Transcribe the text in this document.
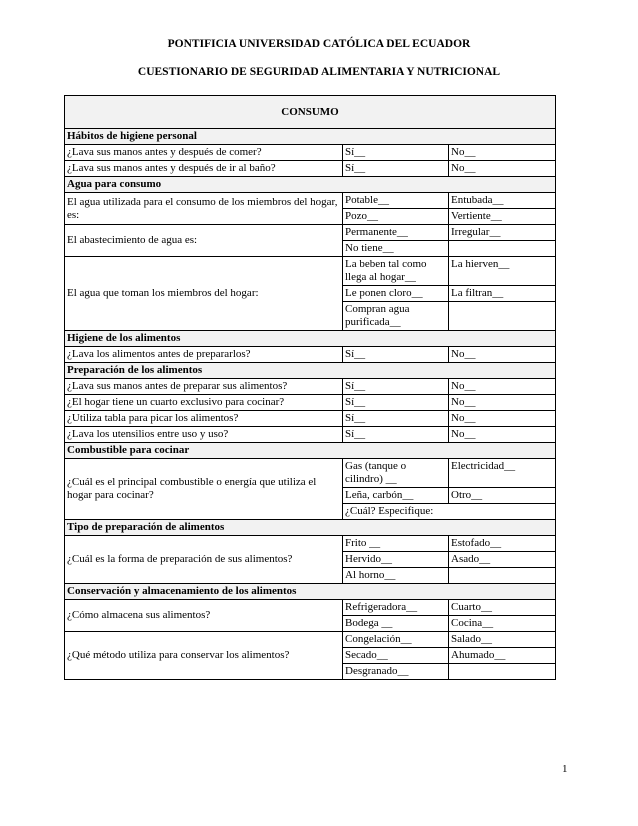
PONTIFICIA UNIVERSIDAD CATÓLICA DEL ECUADOR
CUESTIONARIO DE SEGURIDAD ALIMENTARIA Y NUTRICIONAL
CONSUMO		
Hábitos de higiene personal		
¿Lava sus manos antes y después de comer?	Sí__	No__
¿Lava sus manos antes y después de ir al baño?	Sí__	No__
Agua para consumo		
El agua utilizada para el consumo de los miembros del hogar, es:	Potable__	Entubada__
	Pozo__	Vertiente__
El abastecimiento de agua es:	Permanente__	Irregular__
	No tiene__	
El agua que toman los miembros del hogar:	La beben tal como llega al hogar__	La hierven__
	Le ponen cloro__	La filtran__
	Compran agua purificada__	
Higiene de los alimentos		
¿Lava los alimentos antes de prepararlos?	Sí__	No__
Preparación de los alimentos		
¿Lava sus manos antes de preparar sus alimentos?	Sí__	No__
¿El hogar tiene un cuarto exclusivo para cocinar?	Sí__	No__
¿Utiliza tabla para picar los alimentos?	Sí__	No__
¿Lava los utensilios entre uso y uso?	Sí__	No__
Combustible para cocinar		
¿Cuál es el principal combustible o energía que utiliza el hogar para cocinar?	Gas (tanque o cilindro) __	Electricidad__
	Leña, carbón__	Otro__
	¿Cuál? Especifique:	
Tipo de preparación de alimentos		
¿Cuál es la forma de preparación de sus alimentos?	Frito __	Estofado__
	Hervido__	Asado__
	Al horno__	
Conservación y almacenamiento de los alimentos		
¿Cómo almacena sus alimentos?	Refrigeradora__	Cuarto__
	Bodega __	Cocina__
¿Qué método utiliza para conservar los alimentos?	Congelación__	Salado__
	Secado__	Ahumado__
	Desgranado__	
1
